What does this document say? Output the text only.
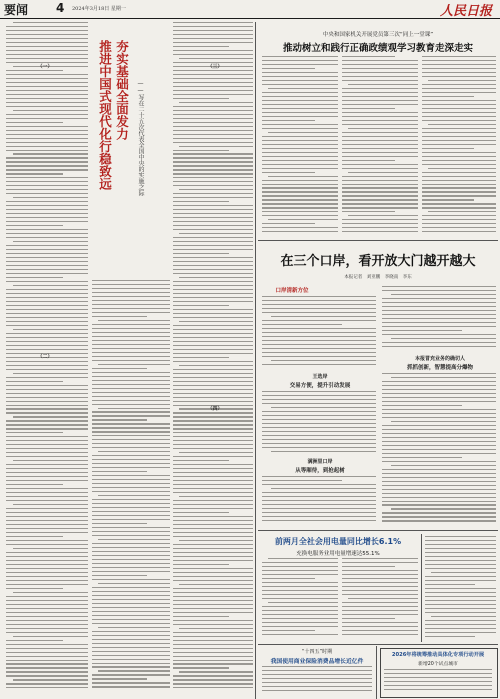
要闻 4 2024年3月18日 星期一	人民日报
夯实基础全面发力
推进中国式现代化行稳致远	——写在二十五次代表全国中央的实施之际
（一）
（二）
（三）
（四）
中央和国家机关开展党员第三次“同上一堂课”
推动树立和践行正确政绩观学习教育走深走实
在三个口岸，看开放大门越开越大
本报记者　刘亚鹏　李晓南　李东
口岸清新方位
王选岸
交易方便，提升引动发展
满洲里口岸
从等厢待，到抢起树
本报冒充业务的确切人
抓抓创新，智慧提高分爆物
前两月全社会用电量同比增长6.1%
充换电服务业用电量增速达55.1%
“十四五”时期
我国使用商业保险消费品增长近亿件
2026年将统筹推动具体化专项行动开展
新增20个试点城市
